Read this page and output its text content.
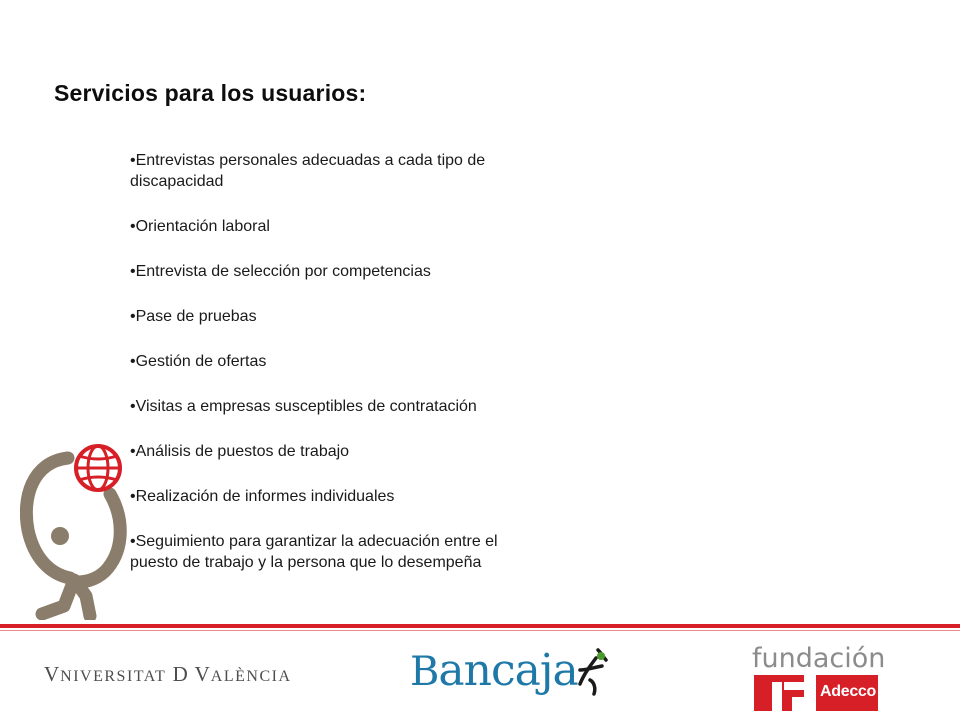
Servicios para los usuarios:
•Entrevistas personales adecuadas a cada tipo de discapacidad
•Orientación laboral
•Entrevista de selección por competencias
•Pase de pruebas
•Gestión de ofertas
•Visitas a empresas susceptibles de contratación
•Análisis de puestos de trabajo
•Realización de informes individuales
•Seguimiento para garantizar la adecuación entre el puesto de trabajo y la persona que lo desempeña
VNIVERSITAT D VALÈNCIA	Bancaja	fundación
Adecco
